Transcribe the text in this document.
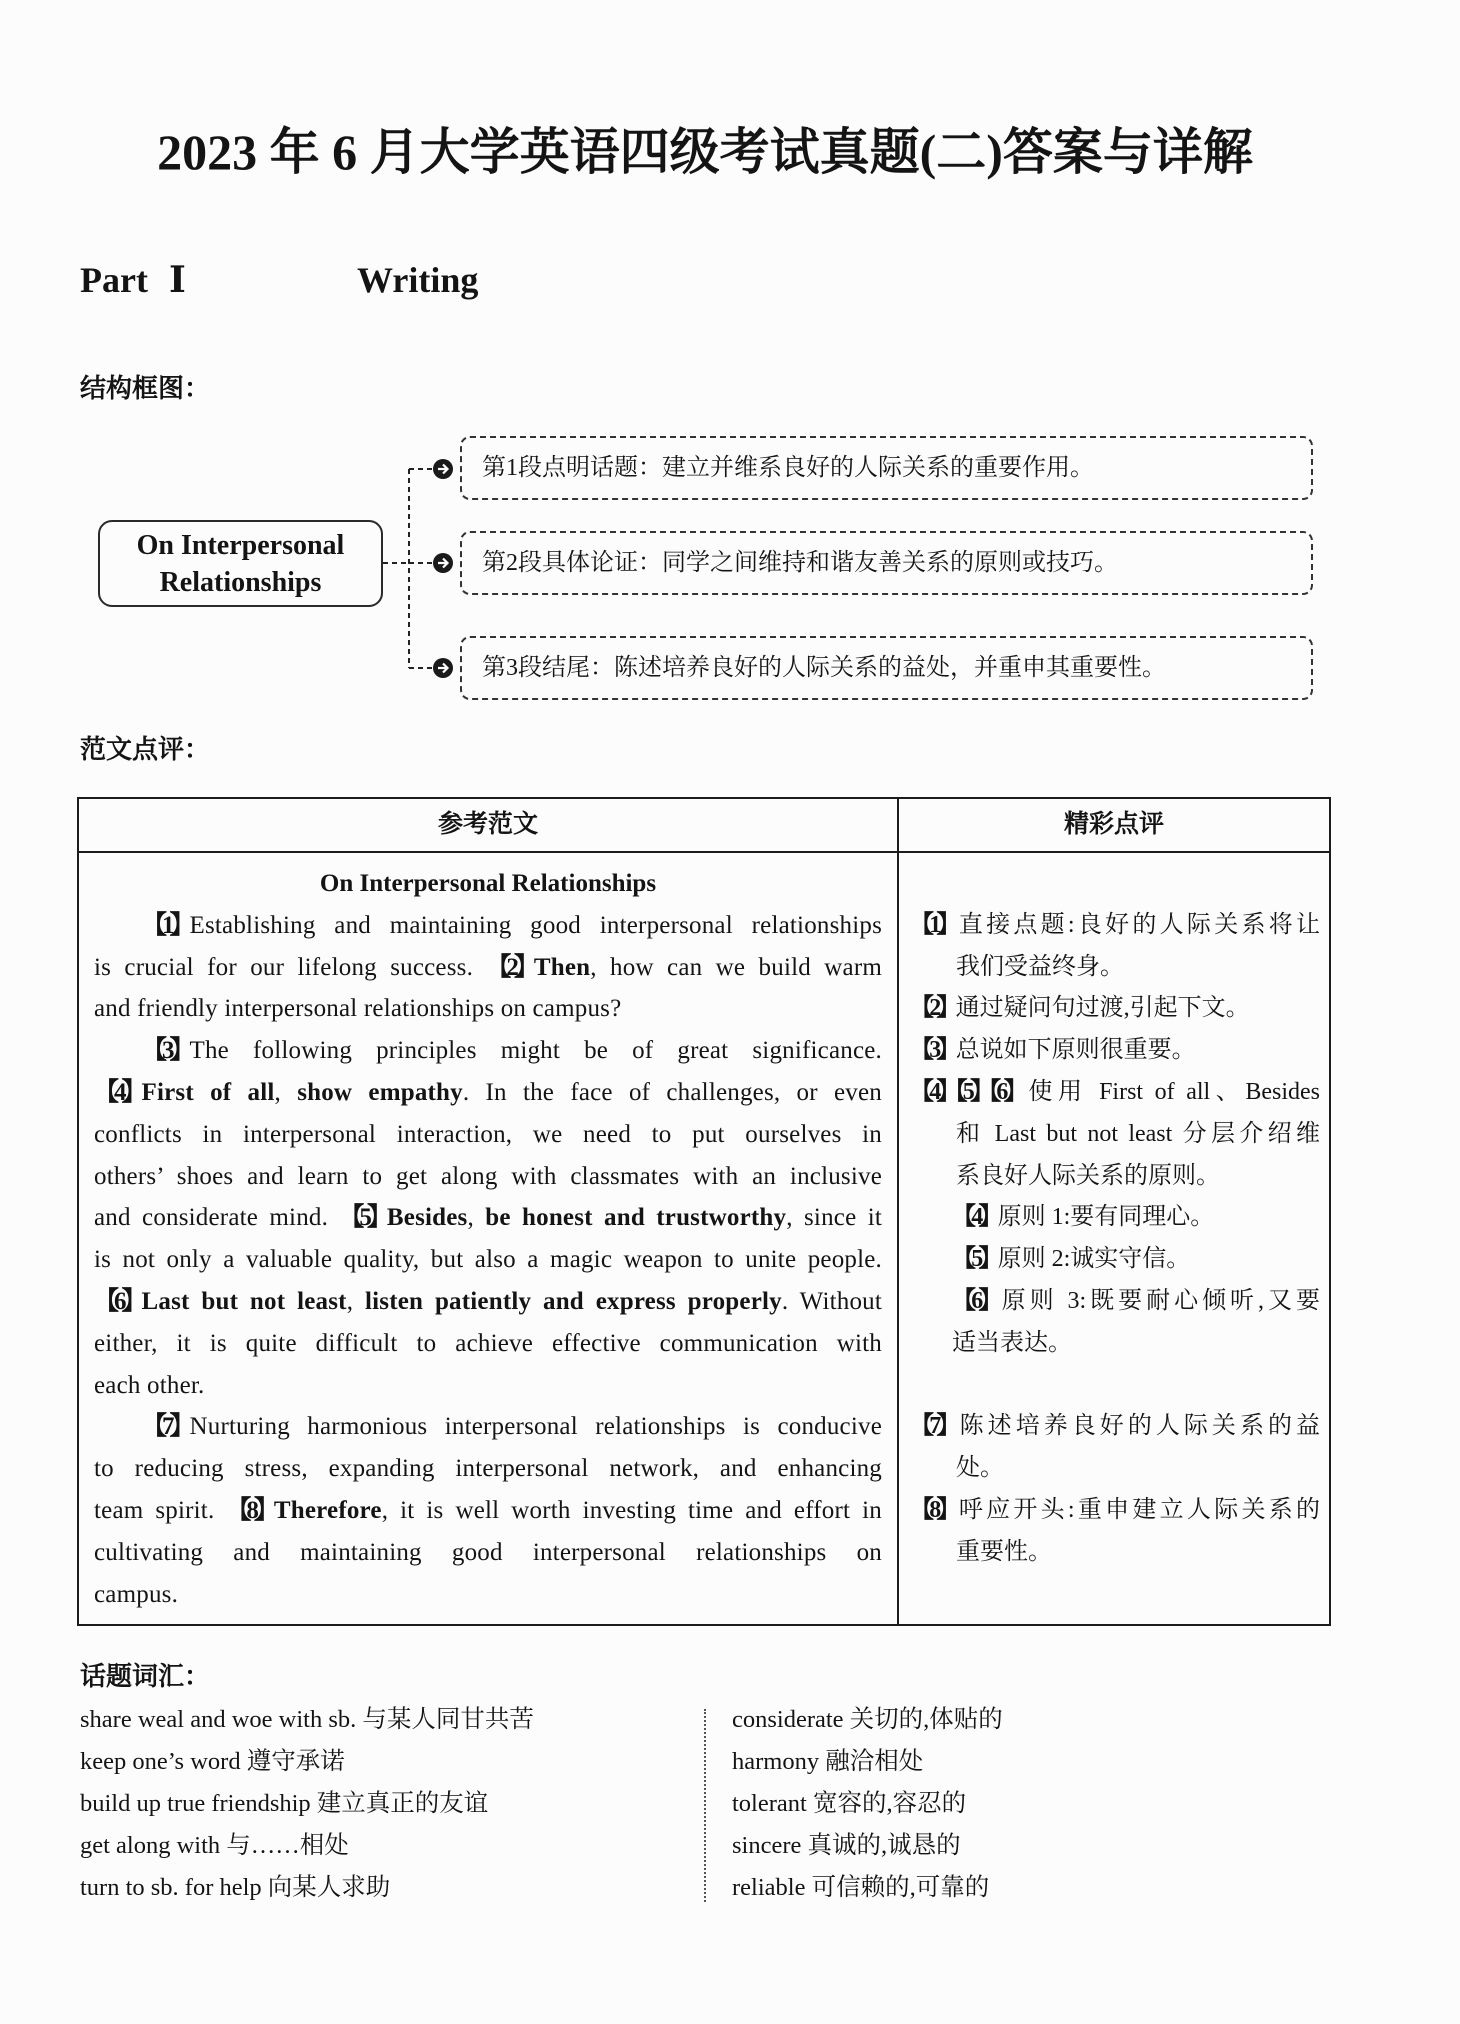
2023 年 6 月大学英语四级考试真题(二)答案与详解
Part Ⅰ	Writing
结构框图：
On Interpersonal Relationships
第1段点明话题：建立并维系良好的人际关系的重要作用。
第2段具体论证：同学之间维持和谐友善关系的原则或技巧。
第3段结尾：陈述培养良好的人际关系的益处，并重申其重要性。
范文点评：
参考范文	精彩点评
On Interpersonal Relationships
【1】Establishing and maintaining good interpersonal relationships
is crucial for our lifelong success. 【2】Then, how can we build warm
and friendly interpersonal relationships on campus?
【3】The following principles might be of great significance.
【4】First of all, show empathy. In the face of challenges, or even
conflicts in interpersonal interaction, we need to put ourselves in
others’ shoes and learn to get along with classmates with an inclusive
and considerate mind. 【5】Besides, be honest and trustworthy, since it
is not only a valuable quality, but also a magic weapon to unite people.
【6】Last but not least, listen patiently and express properly. Without
either, it is quite difficult to achieve effective communication with
each other.
【7】Nurturing harmonious interpersonal relationships is conducive
to reducing stress, expanding interpersonal network, and enhancing
team spirit. 【8】Therefore, it is well worth investing time and effort in
cultivating and maintaining good interpersonal relationships on
campus.
【1】直接点题:良好的人际关系将让
我们受益终身。
【2】通过疑问句过渡,引起下文。
【3】总说如下原则很重要。
【4】【5】【6】使用 First of all、Besides
和 Last but not least 分层介绍维
系良好人际关系的原则。
【4】原则 1:要有同理心。
【5】原则 2:诚实守信。
【6】原则 3:既要耐心倾听,又要
适当表达。
【7】陈述培养良好的人际关系的益
处。
【8】呼应开头:重申建立人际关系的
重要性。
话题词汇：
share weal and woe with sb. 与某人同甘共苦
keep one’s word 遵守承诺
build up true friendship 建立真正的友谊
get along with 与……相处
turn to sb. for help 向某人求助
considerate 关切的,体贴的
harmony 融洽相处
tolerant 宽容的,容忍的
sincere 真诚的,诚恳的
reliable 可信赖的,可靠的
